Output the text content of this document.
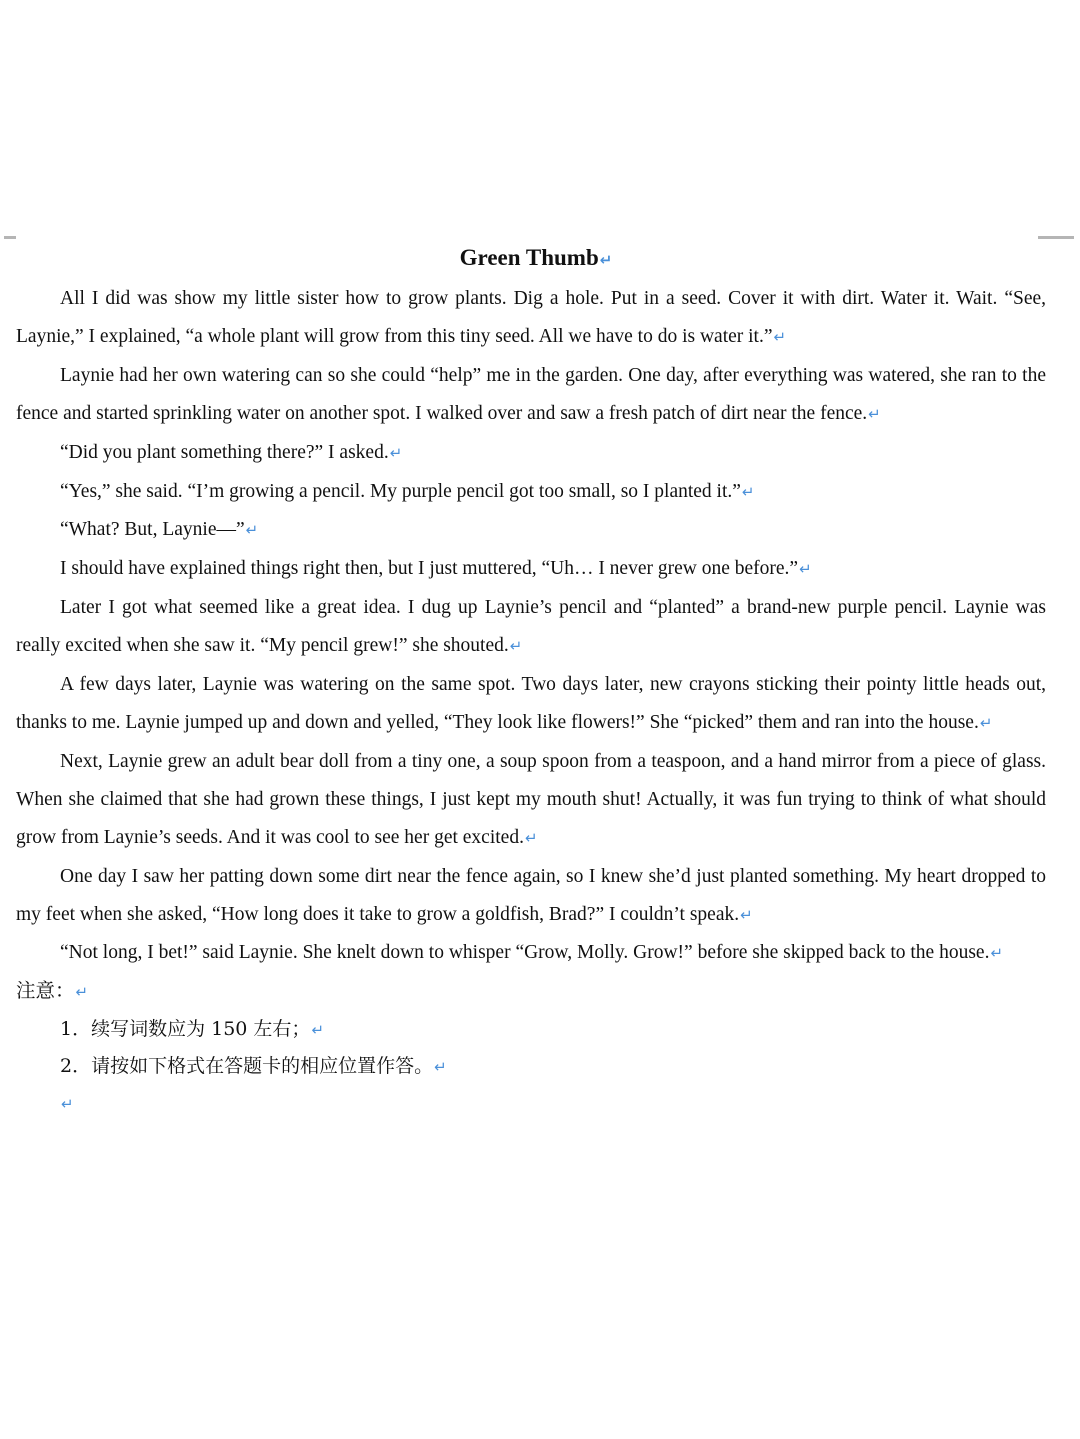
Green Thumb↵

All I did was show my little sister how to grow plants. Dig a hole. Put in a seed. Cover it with dirt. Water it. Wait. “See, Laynie,” I explained, “a whole plant will grow from this tiny seed. All we have to do is water it.”↵

Laynie had her own watering can so she could “help” me in the garden. One day, after everything was watered, she ran to the fence and started sprinkling water on another spot. I walked over and saw a fresh patch of dirt near the fence.↵

“Did you plant something there?” I asked.↵

“Yes,” she said. “I’m growing a pencil. My purple pencil got too small, so I planted it.”↵

“What? But, Laynie—”↵

I should have explained things right then, but I just muttered, “Uh… I never grew one before.”↵

Later I got what seemed like a great idea. I dug up Laynie’s pencil and “planted” a brand-new purple pencil. Laynie was really excited when she saw it. “My pencil grew!” she shouted.↵

A few days later, Laynie was watering on the same spot. Two days later, new crayons sticking their pointy little heads out, thanks to me. Laynie jumped up and down and yelled, “They look like flowers!” She “picked” them and ran into the house.↵

Next, Laynie grew an adult bear doll from a tiny one, a soup spoon from a teaspoon, and a hand mirror from a piece of glass. When she claimed that she had grown these things, I just kept my mouth shut! Actually, it was fun trying to think of what should grow from Laynie’s seeds. And it was cool to see her get excited.↵

One day I saw her patting down some dirt near the fence again, so I knew she’d just planted something. My heart dropped to my feet when she asked, “How long does it take to grow a goldfish, Brad?” I couldn’t speak.↵

“Not long, I bet!” said Laynie. She knelt down to whisper “Grow, Molly. Grow!” before she skipped back to the house.↵

注意：↵

1．续写词数应为 150 左右；↵

2．请按如下格式在答题卡的相应位置作答。↵

↵
